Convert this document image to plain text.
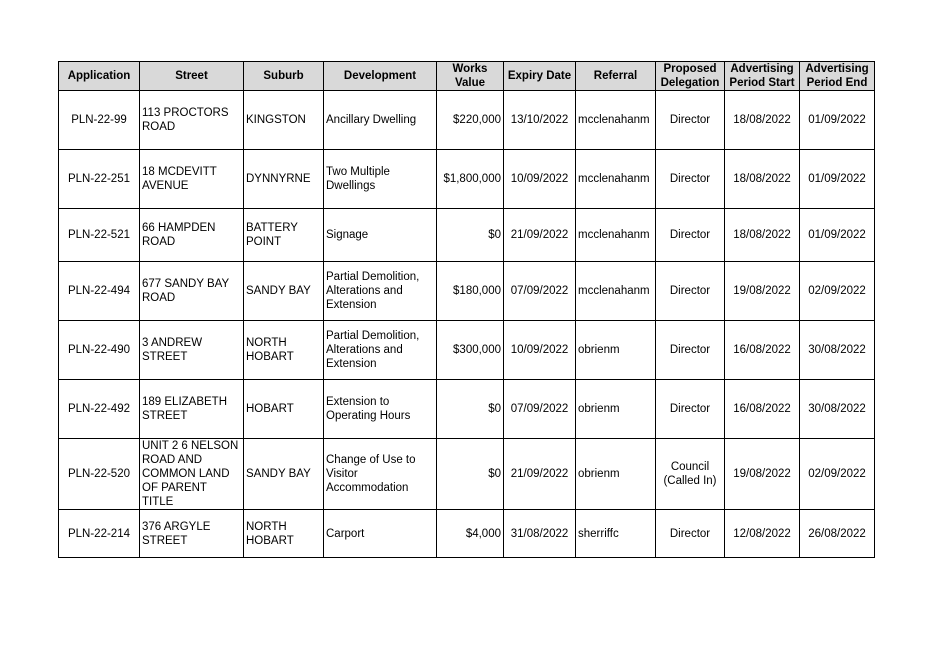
Application	Street	Suburb	Development	Works Value	Expiry Date	Referral	Proposed Delegation	Advertising Period Start	Advertising Period End
PLN-22-99	113 PROCTORS ROAD	KINGSTON	Ancillary Dwelling	$220,000	13/10/2022	mcclenahanm	Director	18/08/2022	01/09/2022
PLN-22-251	18 MCDEVITT AVENUE	DYNNYRNE	Two Multiple Dwellings	$1,800,000	10/09/2022	mcclenahanm	Director	18/08/2022	01/09/2022
PLN-22-521	66 HAMPDEN ROAD	BATTERY POINT	Signage	$0	21/09/2022	mcclenahanm	Director	18/08/2022	01/09/2022
PLN-22-494	677 SANDY BAY ROAD	SANDY BAY	Partial Demolition, Alterations and Extension	$180,000	07/09/2022	mcclenahanm	Director	19/08/2022	02/09/2022
PLN-22-490	3 ANDREW STREET	NORTH HOBART	Partial Demolition, Alterations and Extension	$300,000	10/09/2022	obrienm	Director	16/08/2022	30/08/2022
PLN-22-492	189 ELIZABETH STREET	HOBART	Extension to Operating Hours	$0	07/09/2022	obrienm	Director	16/08/2022	30/08/2022
PLN-22-520	UNIT 2 6 NELSON ROAD AND COMMON LAND OF PARENT TITLE	SANDY BAY	Change of Use to Visitor Accommodation	$0	21/09/2022	obrienm	Council (Called In)	19/08/2022	02/09/2022
PLN-22-214	376 ARGYLE STREET	NORTH HOBART	Carport	$4,000	31/08/2022	sherriffc	Director	12/08/2022	26/08/2022
